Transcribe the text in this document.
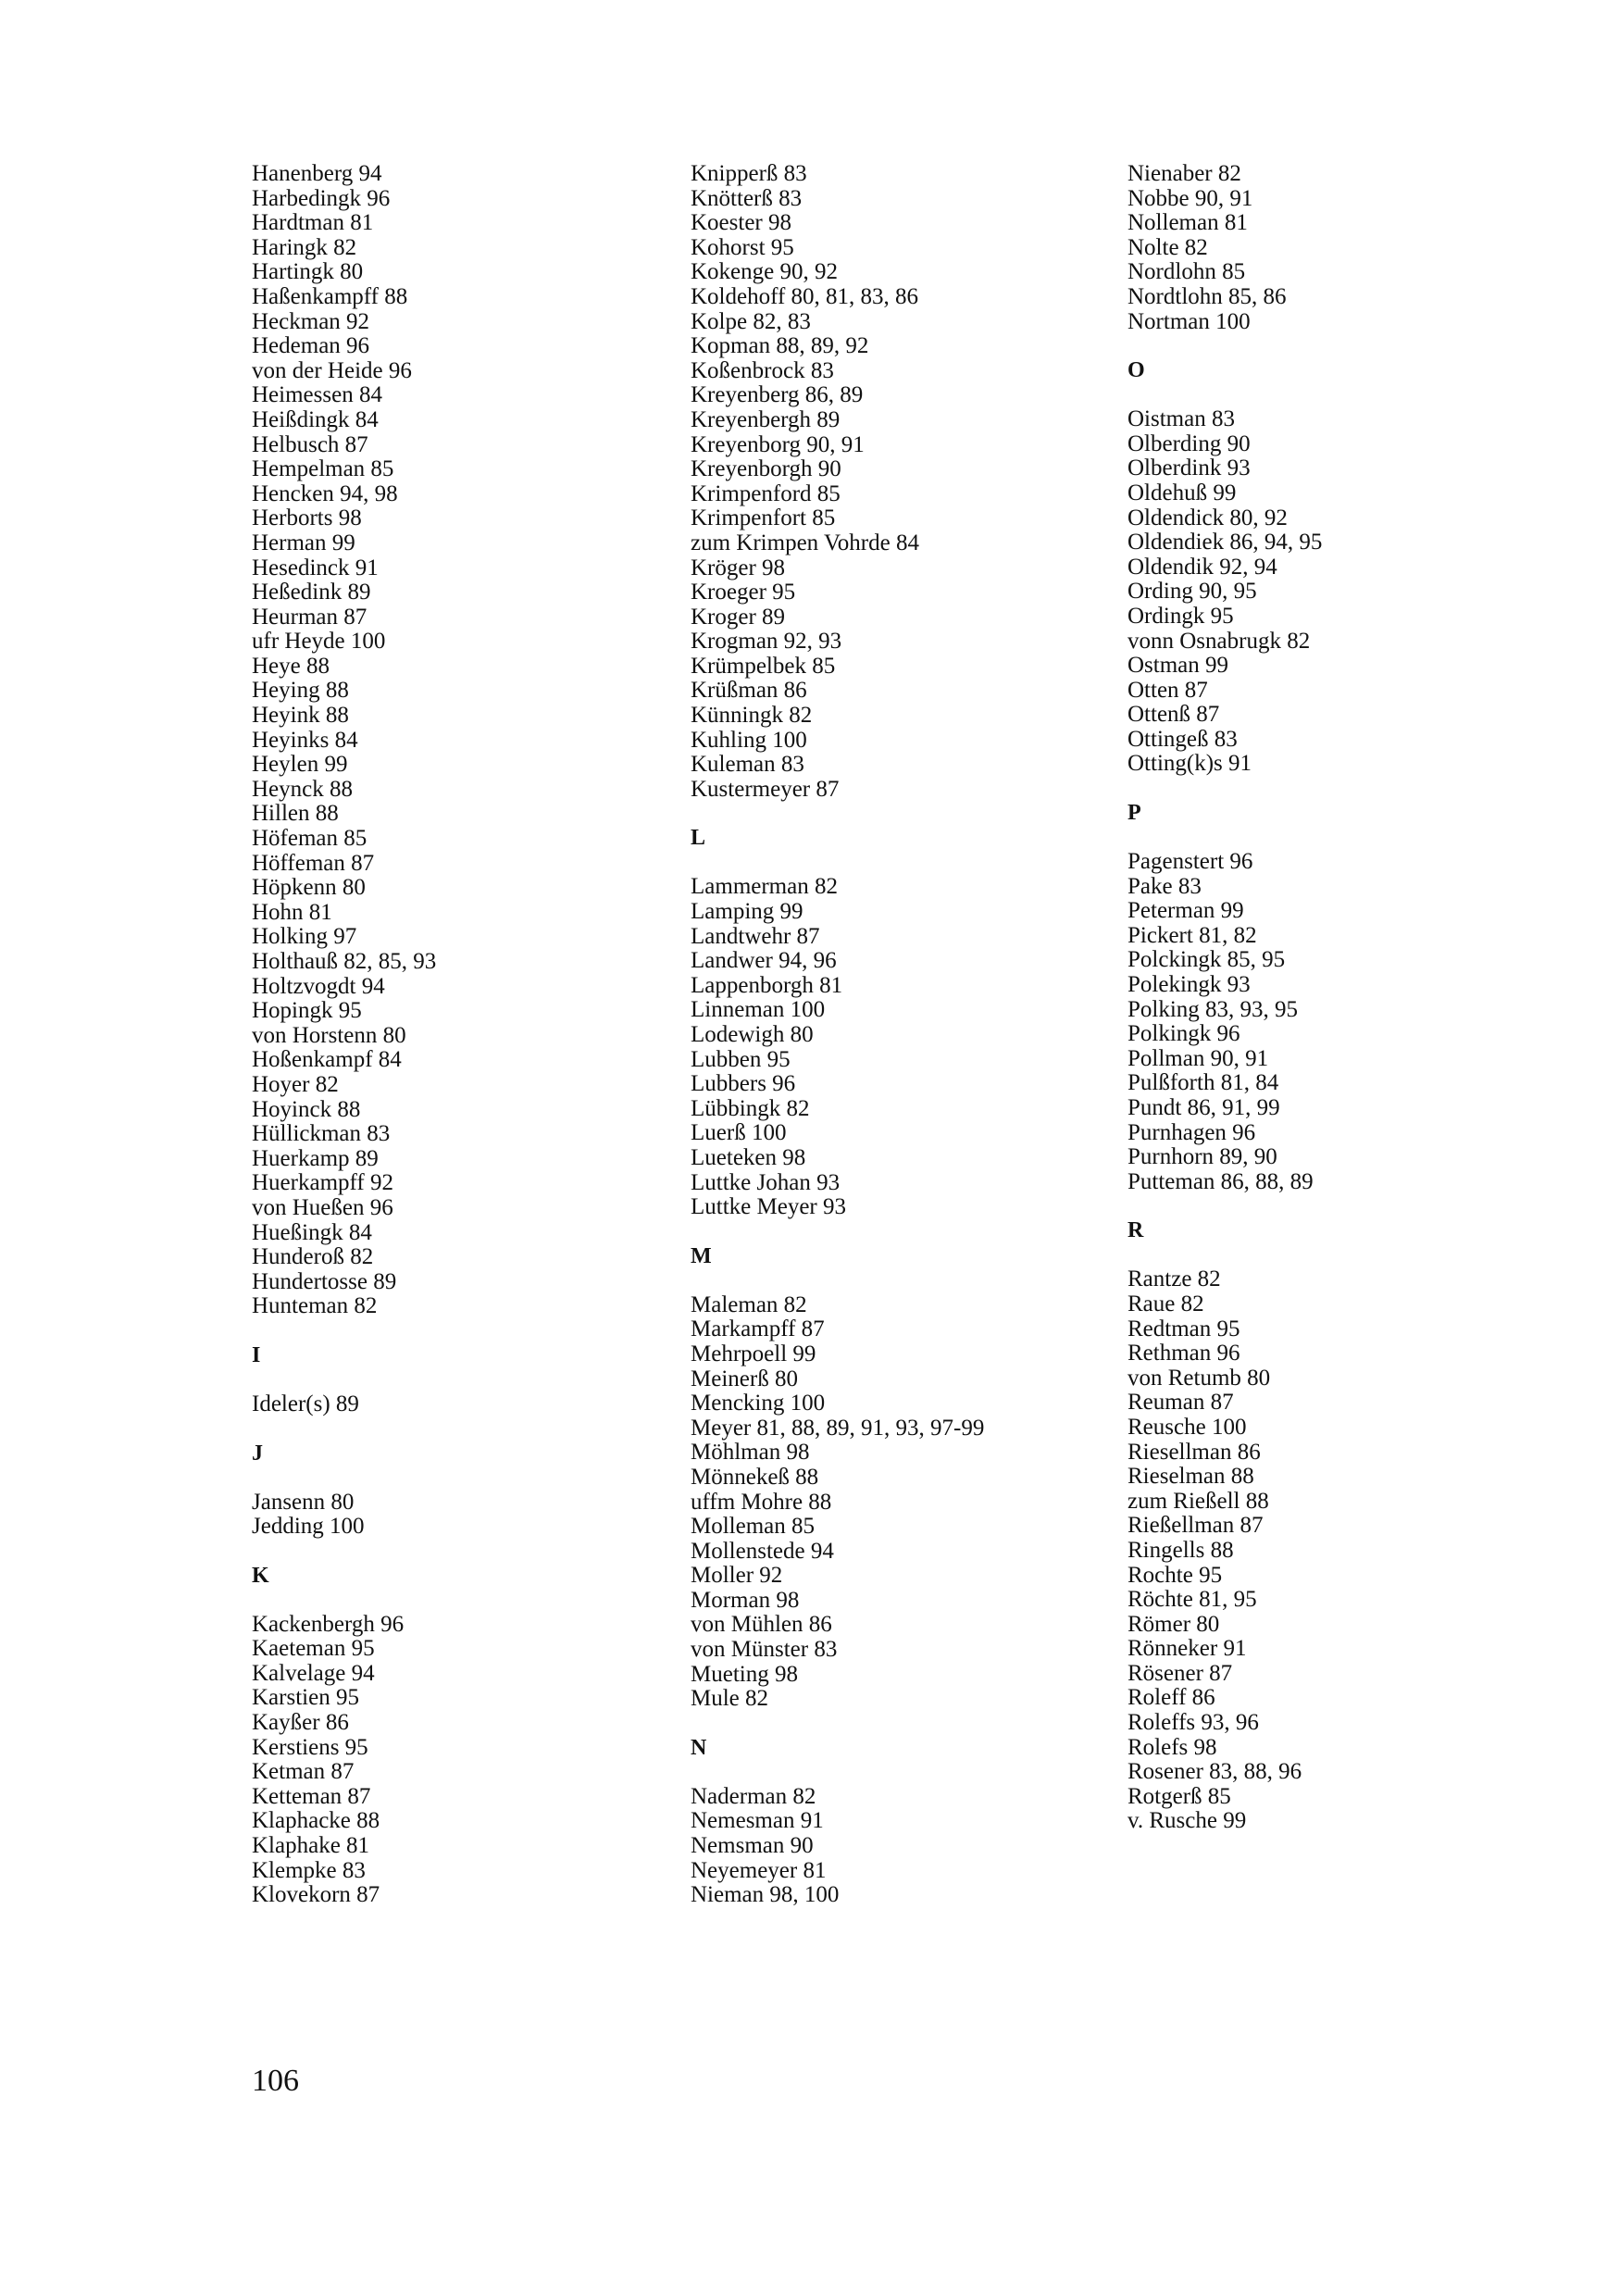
Hanenberg 94
Harbedingk 96
Hardtman 81
Haringk 82
Hartingk 80
Haßenkampff 88
Heckman 92
Hedeman 96
von der Heide 96
Heimessen 84
Heißdingk 84
Helbusch 87
Hempelman 85
Hencken 94, 98
Herborts 98
Herman 99
Hesedinck 91
Heßedink 89
Heurman 87
ufr Heyde 100
Heye 88
Heying 88
Heyink 88
Heyinks 84
Heylen 99
Heynck 88
Hillen 88
Höfeman 85
Höffeman 87
Höpkenn 80
Hohn 81
Holking 97
Holthauß 82, 85, 93
Holtzvogdt 94
Hopingk 95
von Horstenn 80
Hoßenkampf 84
Hoyer 82
Hoyinck 88
Hüllickman 83
Huerkamp 89
Huerkampff 92
von Hueßen 96
Hueßingk 84
Hunderoß 82
Hundertosse 89
Hunteman 82
I
Ideler(s) 89
J
Jansenn 80
Jedding 100
K
Kackenbergh 96
Kaeteman 95
Kalvelage 94
Karstien 95
Kayßer 86
Kerstiens 95
Ketman 87
Ketteman 87
Klaphacke 88
Klaphake 81
Klempke 83
Klovekorn 87
Knipperß 83
Knötterß 83
Koester 98
Kohorst 95
Kokenge 90, 92
Koldehoff 80, 81, 83, 86
Kolpe 82, 83
Kopman 88, 89, 92
Koßenbrock 83
Kreyenberg 86, 89
Kreyenbergh 89
Kreyenborg 90, 91
Kreyenborgh 90
Krimpenford 85
Krimpenfort 85
zum Krimpen Vohrde 84
Kröger 98
Kroeger 95
Kroger 89
Krogman 92, 93
Krümpelbek 85
Krüßman 86
Künningk 82
Kuhling 100
Kuleman 83
Kustermeyer 87
L
Lammerman 82
Lamping 99
Landtwehr 87
Landwer 94, 96
Lappenborgh 81
Linneman 100
Lodewigh 80
Lubben 95
Lubbers 96
Lübbingk 82
Luerß 100
Lueteken 98
Luttke Johan 93
Luttke Meyer 93
M
Maleman 82
Markampff 87
Mehrpoell 99
Meinerß 80
Mencking 100
Meyer 81, 88, 89, 91, 93, 97-99
Möhlman 98
Mönnekeß 88
uffm Mohre 88
Molleman 85
Mollenstede 94
Moller 92
Morman 98
von Mühlen 86
von Münster 83
Mueting 98
Mule 82
N
Naderman 82
Nemesman 91
Nemsman 90
Neyemeyer 81
Nieman 98, 100
Nienaber 82
Nobbe 90, 91
Nolleman 81
Nolte 82
Nordlohn 85
Nordtlohn 85, 86
Nortman 100
O
Oistman 83
Olberding 90
Olberdink 93
Oldehuß 99
Oldendick 80, 92
Oldendiek 86, 94, 95
Oldendik 92, 94
Ording 90, 95
Ordingk 95
vonn Osnabrugk 82
Ostman 99
Otten 87
Ottenß 87
Ottingeß 83
Otting(k)s 91
P
Pagenstert 96
Pake 83
Peterman 99
Pickert 81, 82
Polckingk 85, 95
Polekingk 93
Polking 83, 93, 95
Polkingk 96
Pollman 90, 91
Pulßforth 81, 84
Pundt 86, 91, 99
Purnhagen 96
Purnhorn 89, 90
Putteman 86, 88, 89
R
Rantze 82
Raue 82
Redtman 95
Rethman 96
von Retumb 80
Reuman 87
Reusche 100
Riesellman 86
Rieselman 88
zum Rießell 88
Rießellman 87
Ringells 88
Rochte 95
Röchte 81, 95
Römer 80
Rönneker 91
Rösener 87
Roleff 86
Roleffs 93, 96
Rolefs 98
Rosener 83, 88, 96
Rotgerß 85
v. Rusche 99
106
